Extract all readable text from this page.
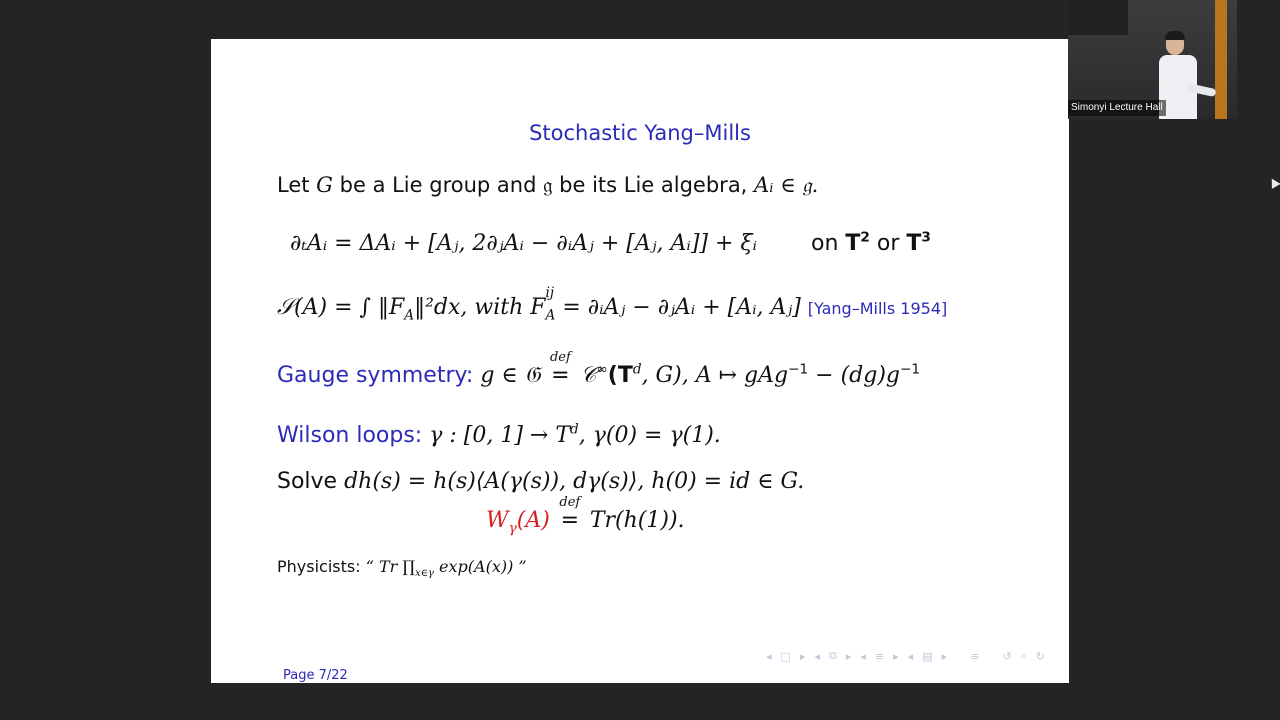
Stochastic Yang–Mills
Let G be a Lie group and 𝔤 be its Lie algebra, Aᵢ ∈ 𝔤.
∂ₜAᵢ = ΔAᵢ + [Aⱼ, 2∂ⱼAᵢ − ∂ᵢAⱼ + [Aⱼ, Aᵢ]] + ξᵢ on $T^2$ or $T^3$
𝒮(A) = ∫ $‖F_A‖^2dx$, with F
ij
$_A$ = ∂ᵢAⱼ − ∂ⱼAᵢ + [Aᵢ, Aⱼ] [Yang–Mills 1954]
Gauge symmetry: g ∈ 𝔊
def
= $𝒞^\infty(T^d$, G), A ↦ $gAg^{-1} - (dg)g^{-1}$
Wilson loops: γ : [0, $1] \to T^d$, γ(0) = γ(1).
Solve dh(s) = h(s)⟨A(γ(s)), dγ(s)⟩, h(0) = id ∈ G.
$W_\gamma(A)$
def
= Tr(h(1)).
Physicists: “ Tr $\prod_{x\in\gamma}$ exp(A(x)) ”
Page 7/22
◂ □ ▸ ◂ ⧉ ▸ ◂ ≡ ▸ ◂ ▤ ▸ ≡ ↺ ⌕ ↻
Simonyi Lecture Hall
